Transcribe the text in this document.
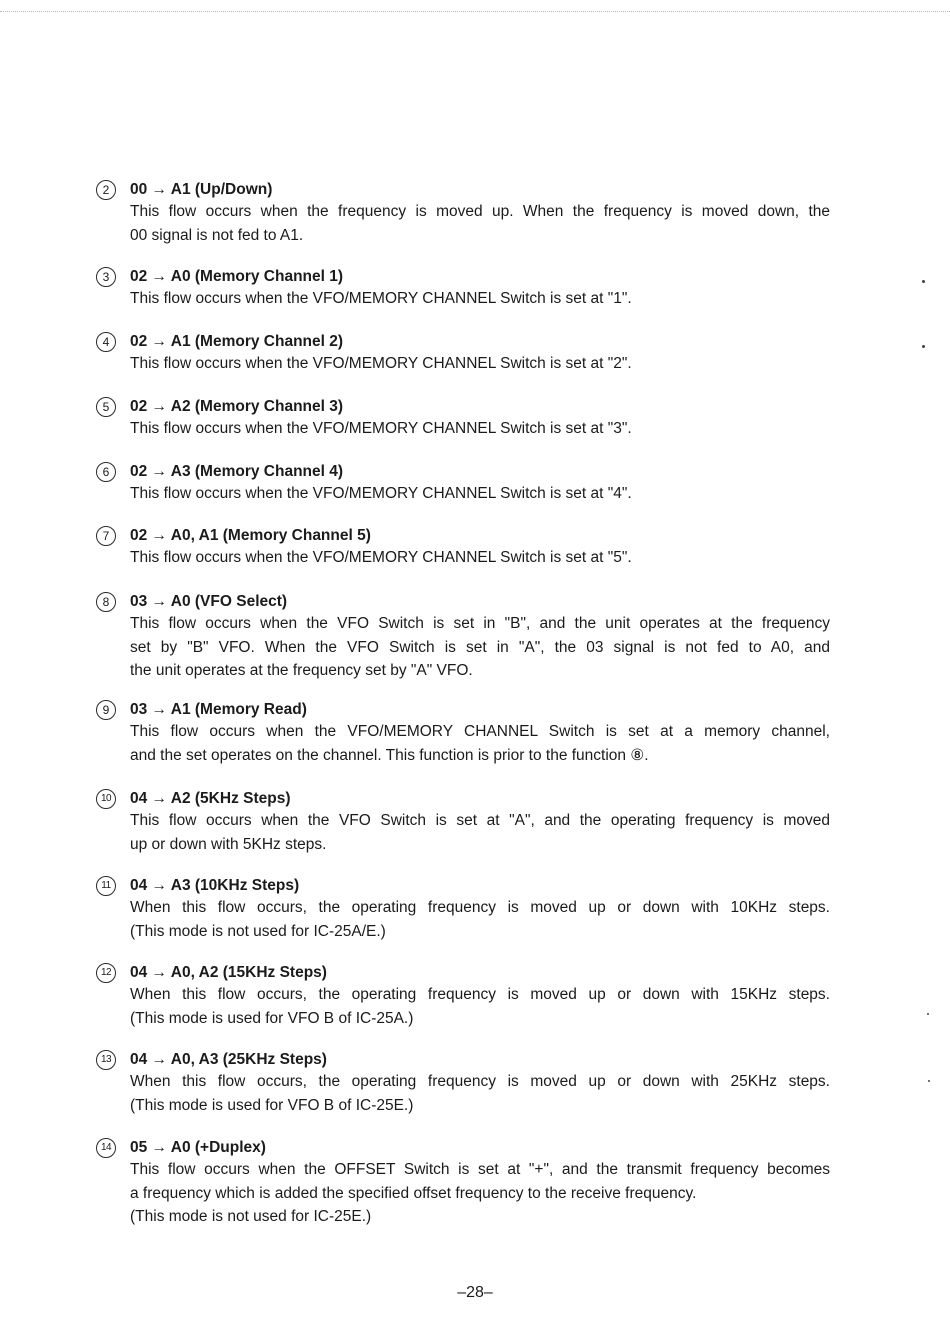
2	00 → A1 (Up/Down)
This flow occurs when the frequency is moved up. When the frequency is moved down, the
00 signal is not fed to A1.
3	02 → A0 (Memory Channel 1)
This flow occurs when the VFO/MEMORY CHANNEL Switch is set at "1".
4	02 → A1 (Memory Channel 2)
This flow occurs when the VFO/MEMORY CHANNEL Switch is set at "2".
5	02 → A2 (Memory Channel 3)
This flow occurs when the VFO/MEMORY CHANNEL Switch is set at "3".
6	02 → A3 (Memory Channel 4)
This flow occurs when the VFO/MEMORY CHANNEL Switch is set at "4".
7	02 → A0, A1 (Memory Channel 5)
This flow occurs when the VFO/MEMORY CHANNEL Switch is set at "5".
8	03 → A0 (VFO Select)
This flow occurs when the VFO Switch is set in "B", and the unit operates at the frequency
set by "B" VFO. When the VFO Switch is set in "A", the 03 signal is not fed to A0, and
the unit operates at the frequency set by "A" VFO.
9	03 → A1 (Memory Read)
This flow occurs when the VFO/MEMORY CHANNEL Switch is set at a memory channel,
and the set operates on the channel. This function is prior to the function ⑧.
10	04 → A2 (5KHz Steps)
This flow occurs when the VFO Switch is set at "A", and the operating frequency is moved
up or down with 5KHz steps.
11	04 → A3 (10KHz Steps)
When this flow occurs, the operating frequency is moved up or down with 10KHz steps.
(This mode is not used for IC-25A/E.)
12	04 → A0, A2 (15KHz Steps)
When this flow occurs, the operating frequency is moved up or down with 15KHz steps.
(This mode is used for VFO B of IC-25A.)
13	04 → A0, A3 (25KHz Steps)
When this flow occurs, the operating frequency is moved up or down with 25KHz steps.
(This mode is used for VFO B of IC-25E.)
14	05 → A0 (+Duplex)
This flow occurs when the OFFSET Switch is set at "+", and the transmit frequency becomes
a frequency which is added the specified offset frequency to the receive frequency.
(This mode is not used for IC-25E.)
–28–
